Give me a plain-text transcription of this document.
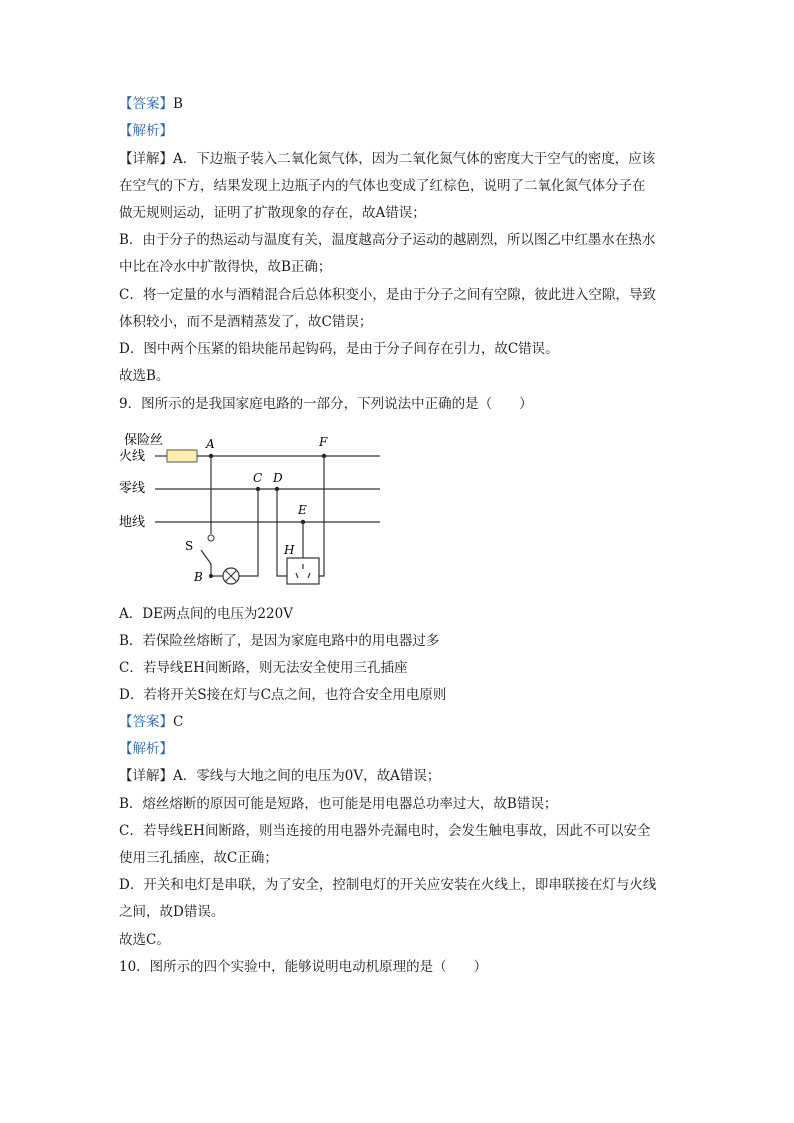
【答案】B
【解析】
【详解】A．下边瓶子装入二氧化氮气体，因为二氧化氮气体的密度大于空气的密度，应该
在空气的下方，结果发现上边瓶子内的气体也变成了红棕色，说明了二氧化氮气体分子在
做无规则运动，证明了扩散现象的存在，故A错误；
B．由于分子的热运动与温度有关，温度越高分子运动的越剧烈，所以图乙中红墨水在热水
中比在冷水中扩散得快，故B正确；
C．将一定量的水与酒精混合后总体积变小，是由于分子之间有空隙，彼此进入空隙，导致
体积较小，而不是酒精蒸发了，故C错误；
D．图中两个压紧的铅块能吊起钩码，是由于分子间存在引力，故C错误。
故选B。
9．图所示的是我国家庭电路的一部分，下列说法中正确的是（　　）
保险丝
火线
零线
地线
A	F
C D
E
H
S
B
A．DE两点间的电压为220V
B．若保险丝熔断了，是因为家庭电路中的用电器过多
C．若导线EH间断路，则无法安全使用三孔插座
D．若将开关S接在灯与C点之间，也符合安全用电原则
【答案】C
【解析】
【详解】A．零线与大地之间的电压为0V，故A错误；
B．熔丝熔断的原因可能是短路，也可能是用电器总功率过大，故B错误；
C．若导线EH间断路，则当连接的用电器外壳漏电时，会发生触电事故，因此不可以安全
使用三孔插座，故C正确；
D．开关和电灯是串联，为了安全，控制电灯的开关应安装在火线上，即串联接在灯与火线
之间，故D错误。
故选C。
10．图所示的四个实验中，能够说明电动机原理的是（　　）
